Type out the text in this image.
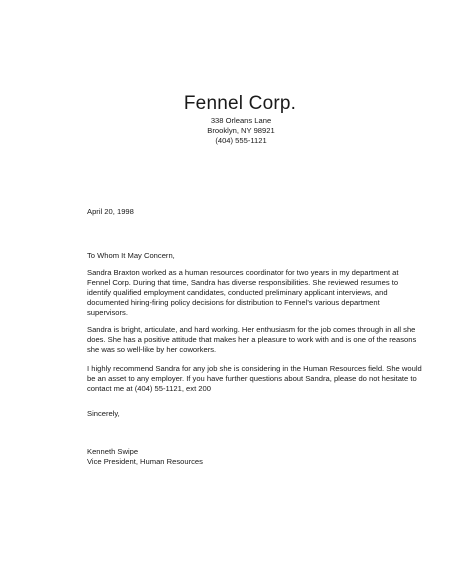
Fennel Corp.
338 Orleans Lane
Brooklyn, NY 98921
(404) 555-1121
April 20, 1998
To Whom It May Concern,
Sandra Braxton worked as a human resources coordinator for two years in my department at
Fennel Corp. During that time, Sandra has diverse responsibilities. She reviewed resumes to
identify qualified employment candidates, conducted preliminary applicant interviews, and
documented hiring-firing policy decisions for distribution to Fennel's various department
supervisors.
Sandra is bright, articulate, and hard working. Her enthusiasm for the job comes through in all she
does. She has a positive attitude that makes her a pleasure to work with and is one of the reasons
she was so well-like by her coworkers.
I highly recommend Sandra for any job she is considering in the Human Resources field. She would
be an asset to any employer. If you have further questions about Sandra, please do not hesitate to
contact me at (404) 55-1121, ext 200
Sincerely,
Kenneth Swipe
Vice President, Human Resources
